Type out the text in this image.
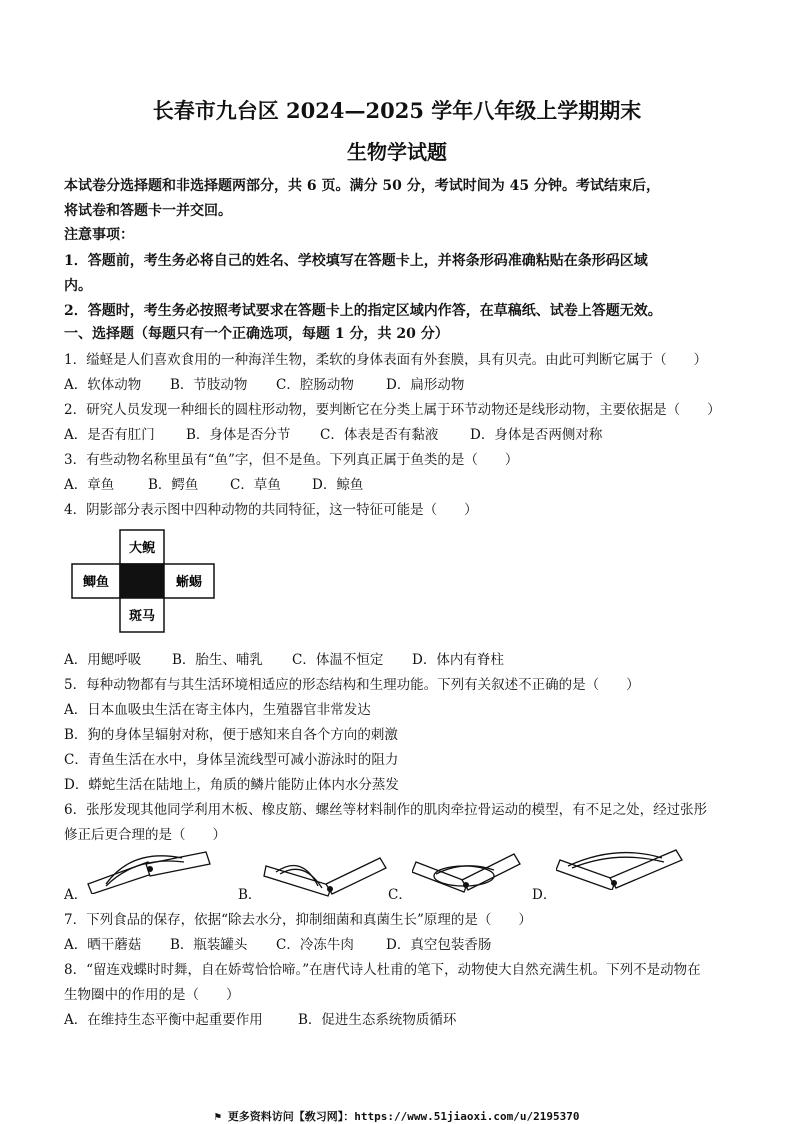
长春市九台区 2024—2025 学年八年级上学期期末
生物学试题
本试卷分选择题和非选择题两部分，共 6 页。满分 50 分，考试时间为 45 分钟。考试结束后，
将试卷和答题卡一并交回。
注意事项：
1．答题前，考生务必将自己的姓名、学校填写在答题卡上，并将条形码准确粘贴在条形码区域
内。
2．答题时，考生务必按照考试要求在答题卡上的指定区域内作答，在草稿纸、试卷上答题无效。
一、选择题（每题只有一个正确选项，每题 1 分，共 20 分）
1．缢蛏是人们喜欢食用的一种海洋生物，柔软的身体表面有外套膜，具有贝壳。由此可判断它属于（　　）
A．软体动物 B．节肢动物 C．腔肠动物 D．扁形动物
2．研究人员发现一种细长的圆柱形动物，要判断它在分类上属于环节动物还是线形动物，主要依据是（　　）
A．是否有肛门 B．身体是否分节 C．体表是否有黏液 D．身体是否两侧对称
3．有些动物名称里虽有“鱼”字，但不是鱼。下列真正属于鱼类的是（　　）
A．章鱼	B．鳄鱼 C．草鱼 D．鲸鱼
4．阴影部分表示图中四种动物的共同特征，这一特征可能是（　　）
大鲵
鲫鱼	蜥蜴
斑马
A．用鳃呼吸 B．胎生、哺乳 C．体温不恒定 D．体内有脊柱
5．每种动物都有与其生活环境相适应的形态结构和生理功能。下列有关叙述不正确的是（　　）
A．日本血吸虫生活在寄主体内，生殖器官非常发达
B．狗的身体呈辐射对称，便于感知来自各个方向的刺激
C．青鱼生活在水中，身体呈流线型可减小游泳时的阻力
D．蟒蛇生活在陆地上，角质的鳞片能防止体内水分蒸发
6．张彤发现其他同学利用木板、橡皮筋、螺丝等材料制作的肌肉牵拉骨运动的模型，有不足之处，经过张彤
修正后更合理的是（　　）
A．	B．	C．	D．
7．下列食品的保存，依据“除去水分，抑制细菌和真菌生长”原理的是（　　）
A．晒干蘑菇 B．瓶装罐头 C．冷冻牛肉 D．真空包装香肠
8．“留连戏蝶时时舞，自在娇莺恰恰啼。”在唐代诗人杜甫的笔下，动物使大自然充满生机。下列不是动物在
生物圈中的作用的是（　　）
A．在维持生态平衡中起重要作用	B．促进生态系统物质循环
⚑ 更多资料访问【敎习网】：https://www.51jiaoxi.com/u/2195370
